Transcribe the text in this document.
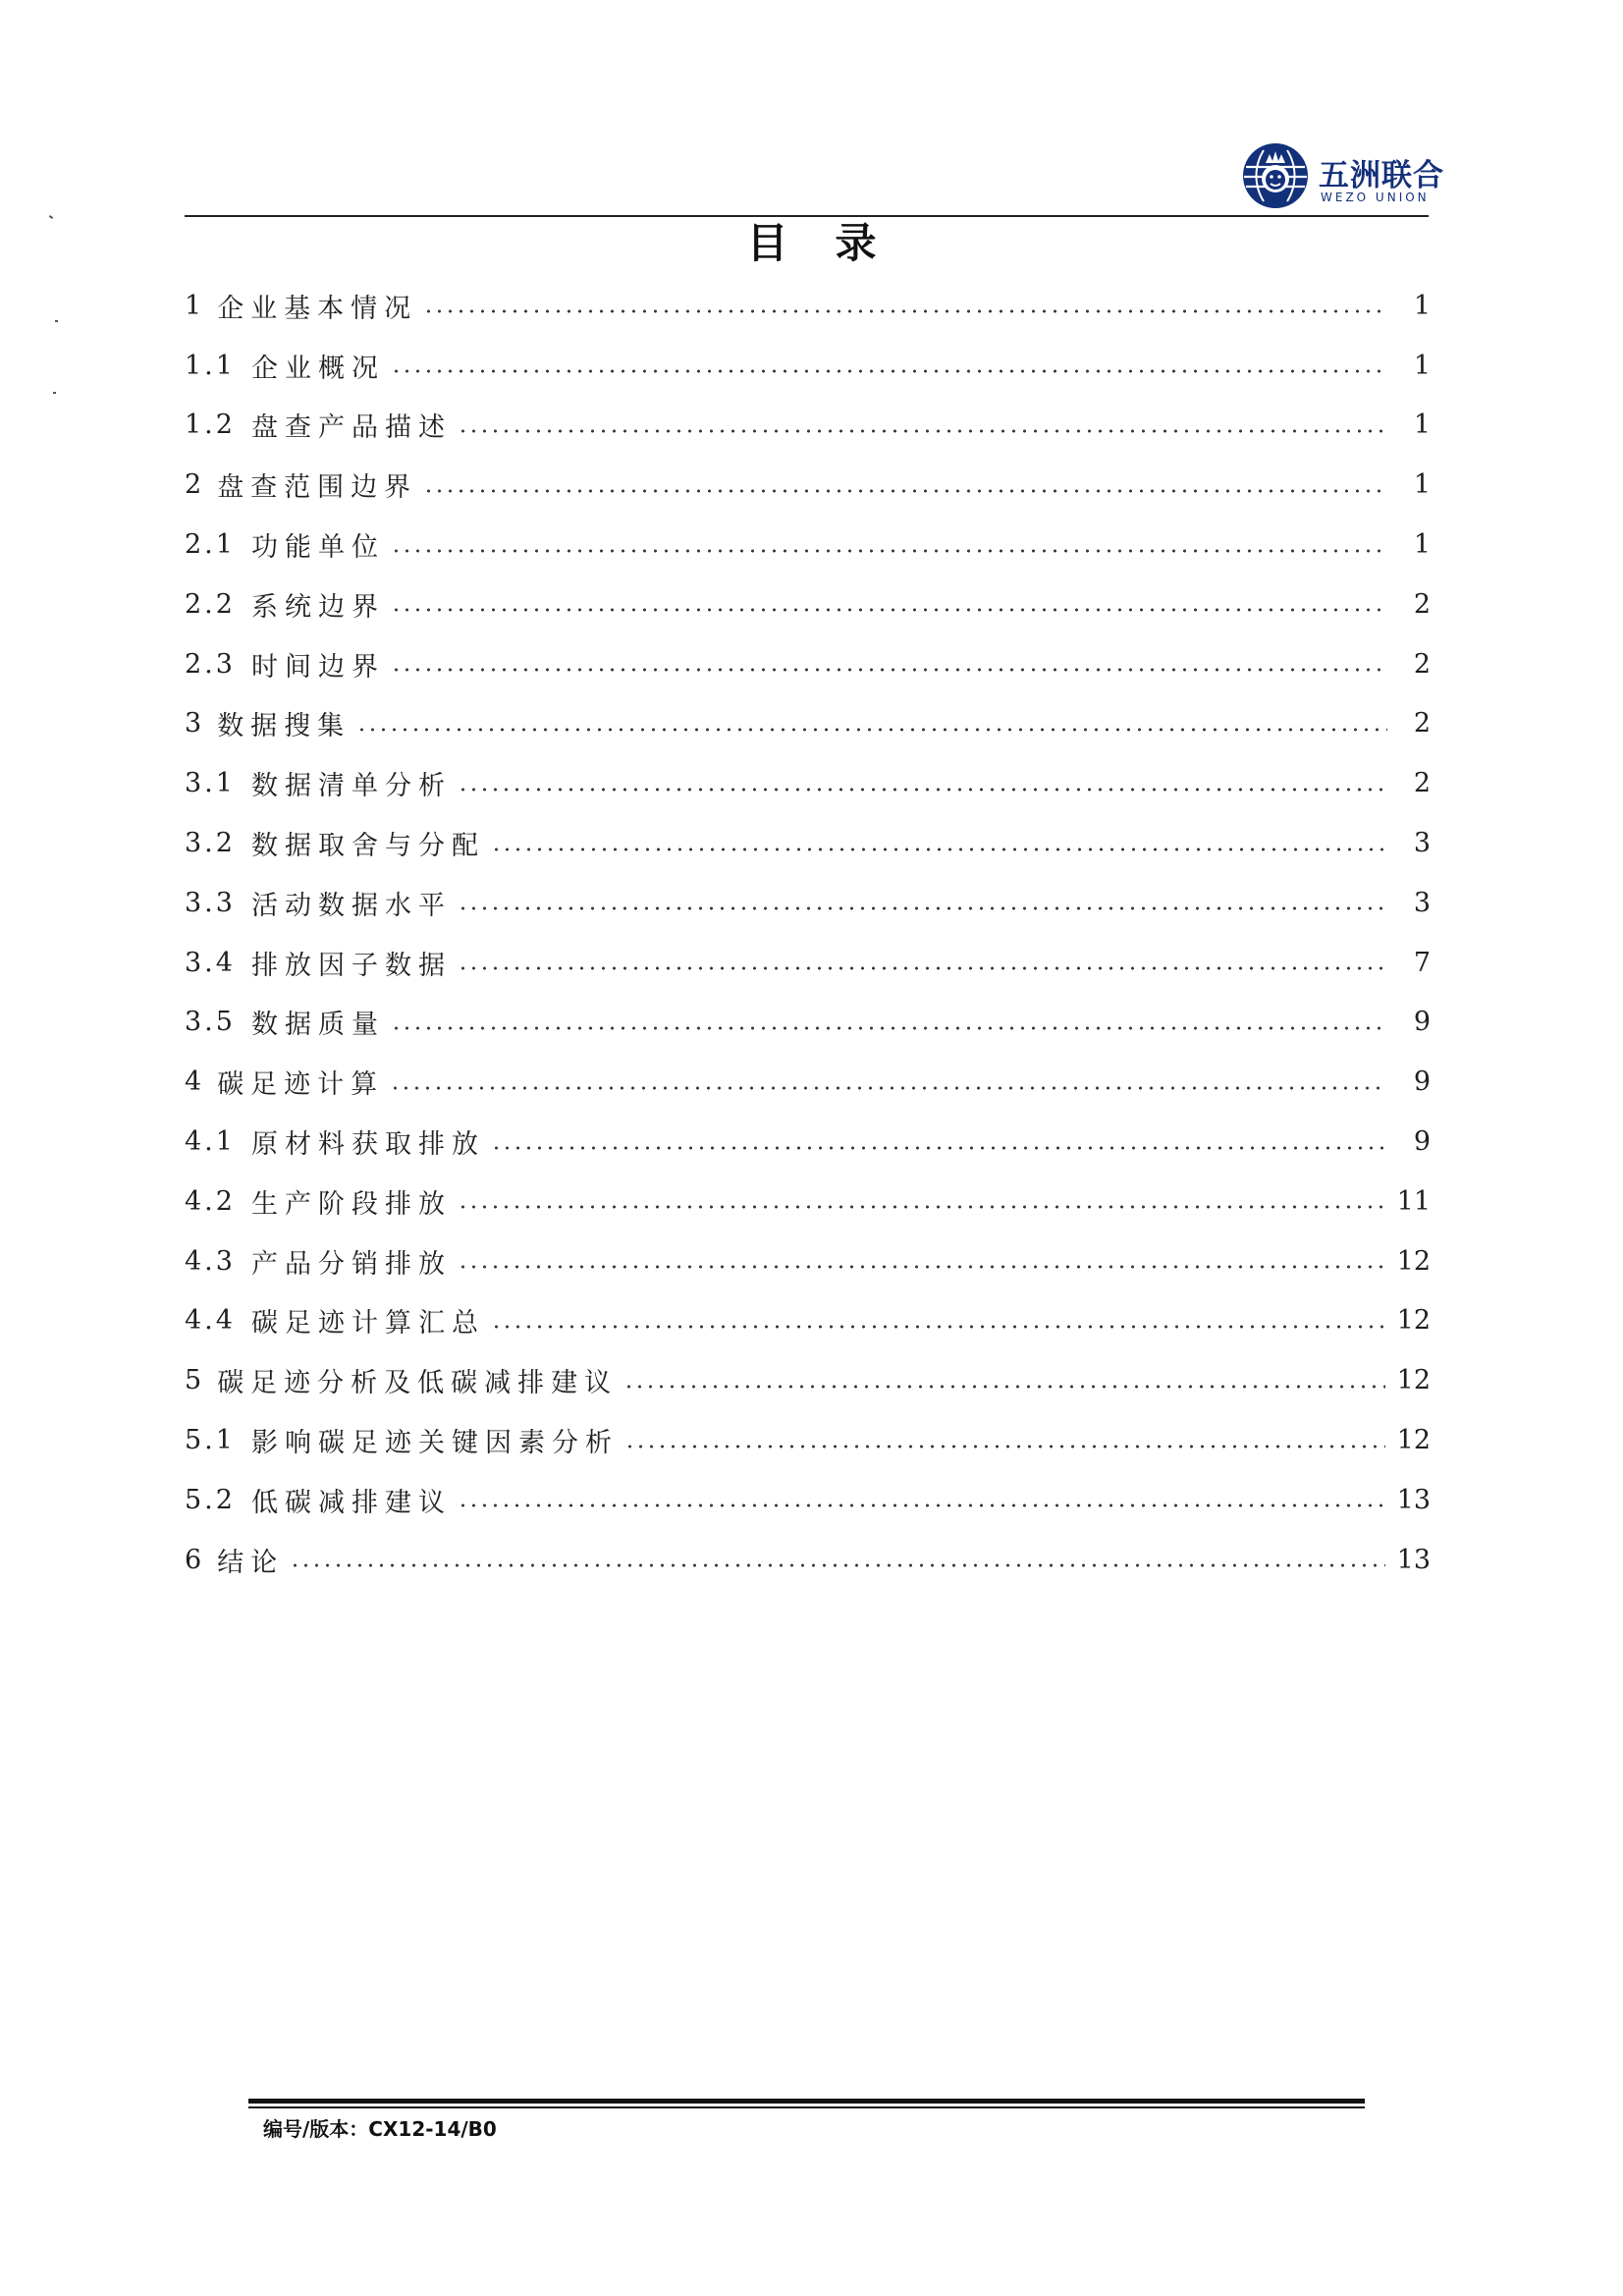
五洲联合
WEZO UNION
目录
1 企业基本情况	1
1.1 企业概况	1
1.2 盘查产品描述	1
2 盘查范围边界	1
2.1 功能单位	1
2.2 系统边界	2
2.3 时间边界	2
3 数据搜集	2
3.1 数据清单分析	2
3.2 数据取舍与分配	3
3.3 活动数据水平	3
3.4 排放因子数据	7
3.5 数据质量	9
4 碳足迹计算	9
4.1 原材料获取排放	9
4.2 生产阶段排放	11
4.3 产品分销排放	12
4.4 碳足迹计算汇总	12
5 碳足迹分析及低碳减排建议	12
5.1 影响碳足迹关键因素分析	12
5.2 低碳减排建议	13
6 结论	13
编号/版本：CX12-14/B0
